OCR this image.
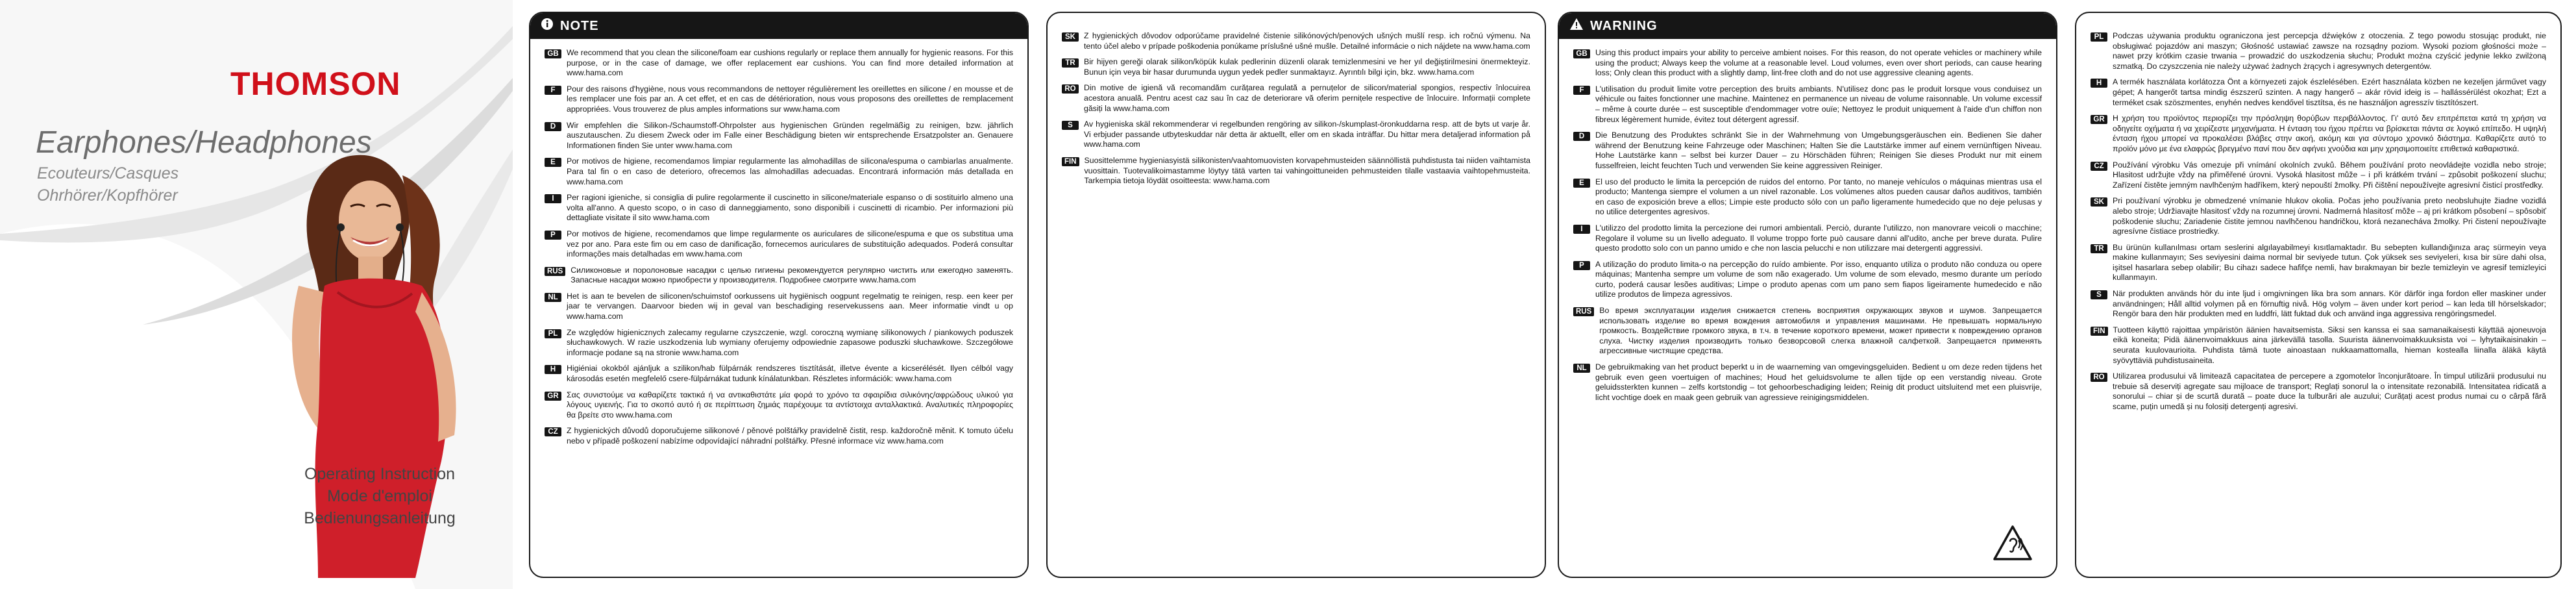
THOMSON
Earphones/Headphones
Ecouteurs/Casques
Ohrhörer/Kopfhörer
Operating Instruction
Mode d'emploi
Bedienungsanleitung
NOTE
GB	We recommend that you clean the silicone/foam ear cushions regularly or replace them annually for hygienic reasons. For this purpose, or in the case of damage, we offer replacement ear cushions. You can find more detailed information at www.hama.com

F	Pour des raisons d'hygiène, nous vous recommandons de nettoyer régulièrement les oreillettes en silicone / en mousse et de les remplacer une fois par an. A cet effet, et en cas de détérioration, nous vous proposons des oreillettes de remplacement appropriées. Vous trouverez de plus amples informations sur www.hama.com

D	Wir empfehlen die Silikon-/Schaumstoff-Ohrpolster aus hygienischen Gründen regelmäßig zu reinigen, bzw. jährlich auszutauschen. Zu diesem Zweck oder im Falle einer Beschädigung bieten wir entsprechende Ersatzpolster an. Genauere Informationen finden Sie unter www.hama.com

E	Por motivos de higiene, recomendamos limpiar regularmente las almohadillas de silicona/espuma o cambiarlas anualmente. Para tal fin o en caso de deterioro, ofrecemos las almohadillas adecuadas. Encontrará información más detallada en www.hama.com

I	Per ragioni igieniche, si consiglia di pulire regolarmente il cuscinetto in silicone/materiale espanso o di sostituirlo almeno una volta all'anno. A questo scopo, o in caso di danneggiamento, sono disponibili i cuscinetti di ricambio. Per informazioni più dettagliate visitate il sito www.hama.com

P	Por motivos de higiene, recomendamos que limpe regularmente os auriculares de silicone/espuma e que os substitua uma vez por ano. Para este fim ou em caso de danificação, fornecemos auriculares de substituição adequados. Poderá consultar informações mais detalhadas em www.hama.com

RUS Силиконовые и поролоновые насадки с целью гигиены рекомендуется регулярно чистить или ежегодно заменять. Запасные насадки можно приобрести у производителя. Подробнее смотрите www.hama.com

NL	Het is aan te bevelen de siliconen/schuimstof oorkussens uit hygiënisch oogpunt regelmatig te reinigen, resp. een keer per jaar te vervangen. Daarvoor bieden wij in geval van beschadiging reservekussens aan. Meer informatie vindt u op www.hama.com

PL	Ze względów higienicznych zalecamy regularne czyszczenie, wzgl. coroczną wymianę silikonowych / piankowych poduszek słuchawkowych. W razie uszkodzenia lub wymiany oferujemy odpowiednie zapasowe poduszki słuchawkowe. Szczegółowe informacje podane są na stronie www.hama.com

H	Higiéniai okokból ajánljuk a szilikon/hab fülpárnák rendszeres tisztítását, illetve évente a kicserélését. Ilyen célból vagy károsodás esetén megfelelő csere-fülpárnákat tudunk kínálatunkban. Részletes információk: www.hama.com

GR	Σας συνιστούμε να καθαρίζετε τακτικά ή να αντικαθιστάτε μία φορά το χρόνο τα σφαιρίδια σιλικόνης/αφρώδους υλικού για λόγους υγιεινής. Για το σκοπό αυτό ή σε περίπτωση ζημιάς παρέχουμε τα αντίστοιχα ανταλλακτικά. Αναλυτικές πληροφορίες θα βρείτε στο www.hama.com

CZ	Z hygienických důvodů doporučujeme silikonové / pěnové polštářky pravidelně čistit, resp. každoročně měnit. K tomuto účelu nebo v případě poškození nabízíme odpovídající náhradní polštářky. Přesné informace viz www.hama.com

SK	Z hygienických dôvodov odporúčame pravidelné čistenie silikónových/penových ušných mušlí resp. ich ročnú výmenu. Na tento účel alebo v prípade poškodenia ponúkame príslušné ušné mušle. Detailné informácie o nich nájdete na www.hama.com

TR	Bir hijyen gereği olarak silikon/köpük kulak pedlerinin düzenli olarak temizlenmesini ve her yıl değiştirilmesini önermekteyiz. Bunun için veya bir hasar durumunda uygun yedek pedler sunmaktayız. Ayrıntılı bilgi için, bkz. www.hama.com

RO	Din motive de igienă vă recomandăm curățarea regulată a pernuțelor de silicon/material spongios, respectiv înlocuirea acestora anuală. Pentru acest caz sau în caz de deteriorare vă oferim pernițele respective de înlocuire. Informații complete găsiți la www.hama.com

S	Av hygieniska skäl rekommenderar vi regelbunden rengöring av silikon-/skumplast-öronkuddarna resp. att de byts ut varje år. Vi erbjuder passande utbyteskuddar när detta är aktuellt, eller om en skada inträffar. Du hittar mera detaljerad information på www.hama.com

FIN Suosittelemme hygieniasyistä silikonisten/vaahtomuovisten korvapehmusteiden säännöllistä puhdistusta tai niiden vaihtamista vuosittain. Tuotevalikoimastamme löytyy tätä varten tai vahingoittuneiden pehmusteiden tilalle vastaavia vaihtopehmusteita. Tarkempia tietoja löydät osoitteesta: www.hama.com

WARNING
GB	Using this product impairs your ability to perceive ambient noises. For this reason, do not operate vehicles or machinery while using the product; Always keep the volume at a reasonable level. Loud volumes, even over short periods, can cause hearing loss; Only clean this product with a slightly damp, lint-free cloth and do not use aggressive cleaning agents.

F	L'utilisation du produit limite votre perception des bruits ambiants. N'utilisez donc pas le produit lorsque vous conduisez un véhicule ou faites fonctionner une machine. Maintenez en permanence un niveau de volume raisonnable. Un volume excessif – même à courte durée – est susceptible d'endommager votre ouïe; Nettoyez le produit uniquement à l'aide d'un chiffon non fibreux légèrement humide, évitez tout détergent agressif.

D	Die Benutzung des Produktes schränkt Sie in der Wahrnehmung von Umgebungsgeräuschen ein. Bedienen Sie daher während der Benutzung keine Fahrzeuge oder Maschinen; Halten Sie die Lautstärke immer auf einem vernünftigen Niveau. Hohe Lautstärke kann – selbst bei kurzer Dauer – zu Hörschäden führen; Reinigen Sie dieses Produkt nur mit einem fusselfreien, leicht feuchten Tuch und verwenden Sie keine aggressiven Reiniger.

E	El uso del producto le limita la percepción de ruidos del entorno. Por tanto, no maneje vehículos o máquinas mientras usa el producto; Mantenga siempre el volumen a un nivel razonable. Los volúmenes altos pueden causar daños auditivos, también en caso de exposición breve a ellos; Limpie este producto sólo con un paño ligeramente humedecido que no deje pelusas y no utilice detergentes agresivos.

I	L'utilizzo del prodotto limita la percezione dei rumori ambientali. Perciò, durante l'utilizzo, non manovrare veicoli o macchine; Regolare il volume su un livello adeguato. Il volume troppo forte può causare danni all'udito, anche per breve durata. Pulire questo prodotto solo con un panno umido e che non lascia pelucchi e non utilizzare mai detergenti aggressivi.

P	A utilização do produto limita-o na percepção do ruído ambiente. Por isso, enquanto utiliza o produto não conduza ou opere máquinas; Mantenha sempre um volume de som não exagerado. Um volume de som elevado, mesmo durante um período curto, poderá causar lesões auditivas; Limpe o produto apenas com um pano sem fiapos ligeiramente humedecido e não utilize produtos de limpeza agressivos.

RUS Во время эксплуатации изделия снижается степень восприятия окружающих звуков и шумов. Запрещается использовать изделие во время вождения автомобиля и управления машинами. Не превышать нормальную громкость. Воздействие громкого звука, в т.ч. в течение короткого времени, может привести к повреждению органов слуха. Чистку изделия производить только безворсовой слегка влажной салфеткой. Запрещается применять агрессивные чистящие средства.

NL	De gebruikmaking van het product beperkt u in de waarneming van omgevingsgeluiden. Bedient u om deze reden tijdens het gebruik even geen voertuigen of machines; Houd het geluidsvolume te allen tijde op een verstandig niveau. Grote geluidssterkten kunnen – zelfs kortstondig – tot gehoorbeschadiging leiden; Reinig dit product uitsluitend met een pluisvrije, licht vochtige doek en maak geen gebruik van agressieve reinigingsmiddelen.

PL	Podczas używania produktu ograniczona jest percepcja dźwięków z otoczenia. Z tego powodu stosując produkt, nie obsługiwać pojazdów ani maszyn; Głośność ustawiać zawsze na rozsądny poziom. Wysoki poziom głośności może – nawet przy krótkim czasie trwania – prowadzić do uszkodzenia słuchu; Produkt można czyścić jedynie lekko zwilżoną szmatką. Do czyszczenia nie należy używać żadnych żrących i agresywnych detergentów.

H	A termék használata korlátozza Önt a környezeti zajok észlelésében. Ezért használata közben ne kezeljen járművet vagy gépet; A hangerőt tartsa mindig észszerű szinten. A nagy hangerő – akár rövid ideig is – hallássérülést okozhat; Ezt a terméket csak szöszmentes, enyhén nedves kendővel tisztítsa, és ne használjon agresszív tisztítószert.

GR	Η χρήση του προϊόντος περιορίζει την πρόσληψη θορύβων περιβάλλοντος. Γι' αυτό δεν επιτρέπεται κατά τη χρήση να οδηγείτε οχήματα ή να χειρίζεστε μηχανήματα. Η ένταση του ήχου πρέπει να βρίσκεται πάντα σε λογικό επίπεδο. Η υψηλή ένταση ήχου μπορεί να προκαλέσει βλάβες στην ακοή, ακόμη και για σύντομο χρονικό διάστημα. Καθαρίζετε αυτό το προϊόν μόνο με ένα ελαφρώς βρεγμένο πανί που δεν αφήνει χνούδια και μην χρησιμοποιείτε επιθετικά καθαριστικά.

CZ	Používání výrobku Vás omezuje při vnímání okolních zvuků. Během používání proto neovládejte vozidla nebo stroje; Hlasitost udržujte vždy na přiměřené úrovni. Vysoká hlasitost může – i při krátkém trvání – způsobit poškození sluchu; Zařízení čistěte jemným navlhčeným hadříkem, který nepouští žmolky. Při čištění nepoužívejte agresivní čisticí prostředky.

SK	Pri používaní výrobku je obmedzené vnímanie hlukov okolia. Počas jeho používania preto neobsluhujte žiadne vozidlá alebo stroje; Udržiavajte hlasitosť vždy na rozumnej úrovni. Nadmerná hlasitosť môže – aj pri krátkom pôsobení – spôsobiť poškodenie sluchu; Zariadenie čistite jemnou navlhčenou handričkou, ktorá nezanecháva žmolky. Pri čistení nepoužívajte agresívne čistiace prostriedky.

TR	Bu ürünün kullanılması ortam seslerini algılayabilmeyi kısıtlamaktadır. Bu sebepten kullandığınıza araç sürmeyin veya makine kullanmayın; Ses seviyesini daima normal bir seviyede tutun. Çok yüksek ses seviyeleri, kısa bir süre dahi olsa, işitsel hasarlara sebep olabilir; Bu cihazı sadece hafifçe nemli, hav bırakmayan bir bezle temizleyin ve agresif temizleyici kullanmayın.

S	När produkten används hör du inte ljud i omgivningen lika bra som annars. Kör därför inga fordon eller maskiner under användningen; Håll alltid volymen på en förnuftig nivå. Hög volym – även under kort period – kan leda till hörselskador; Rengör bara den här produkten med en luddfri, lätt fuktad duk och använd inga aggressiva rengöringsmedel.

FIN Tuotteen käyttö rajoittaa ympäristön äänien havaitsemista. Siksi sen kanssa ei saa samanaikaisesti käyttää ajoneuvoja eikä koneita; Pidä äänenvoimakkuus aina järkevällä tasolla. Suurista äänenvoimakkuuksista voi – lyhytaikaisinakin – seurata kuulovaurioita. Puhdista tämä tuote ainoastaan nukkaamattomalla, hieman kostealla liinalla äläkä käytä syövyttäviä puhdistusaineita.

RO	Utilizarea produsului vă limitează capacitatea de percepere a zgomotelor înconjurătoare. În timpul utilizării produsului nu trebuie să deserviți agregate sau mijloace de transport; Reglați sonorul la o intensitate rezonabilă. Intensitatea ridicată a sonorului – chiar și de scurtă durată – poate duce la tulburări ale auzului; Curățați acest produs numai cu o cârpă fără scame, puțin umedă și nu folosiți detergenți agresivi.
